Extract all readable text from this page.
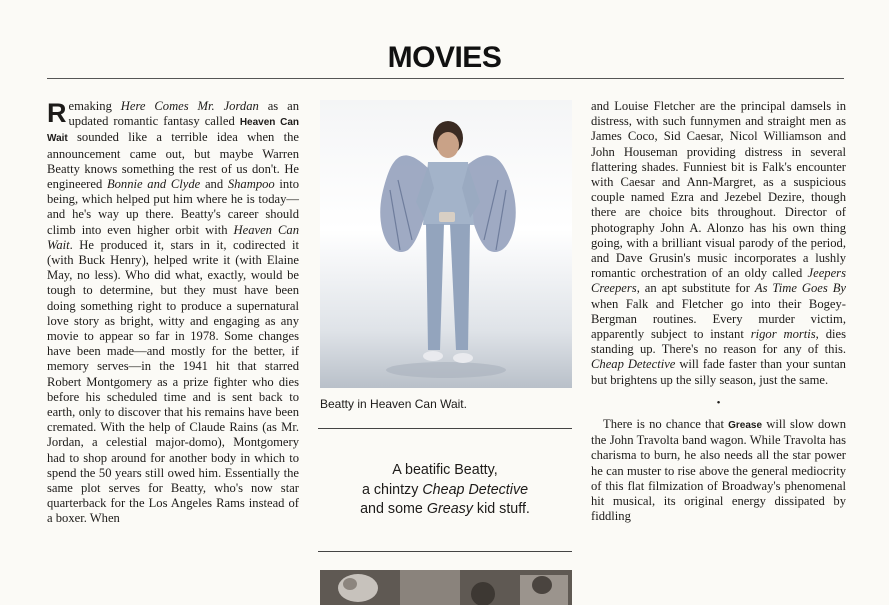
MOVIES

Remaking Here Comes Mr. Jordan as an updated romantic fantasy called Heaven Can Wait sounded like a terrible idea when the announcement came out, but maybe Warren Beatty knows something the rest of us don't. He engineered Bonnie and Clyde and Shampoo into being, which helped put him where he is today—and he's way up there. Beatty's career should climb into even higher orbit with Heaven Can Wait. He produced it, stars in it, codirected it (with Buck Henry), helped write it (with Elaine May, no less). Who did what, exactly, would be tough to determine, but they must have been doing something right to produce a supernatural love story as bright, witty and engaging as any movie to appear so far in 1978. Some changes have been made—and mostly for the better, if memory serves—in the 1941 hit that starred Robert Montgomery as a prize fighter who dies before his scheduled time and is sent back to earth, only to discover that his remains have been cremated. With the help of Claude Rains (as Mr. Jordan, a celestial major-domo), Montgomery had to shop around for another body in which to spend the 50 years still owed him. Essentially the same plot serves for Beatty, who's now star quarterback for the Los Angeles Rams instead of a boxer. When

Beatty in Heaven Can Wait.
A beatific Beatty,
a chintzy Cheap Detective
and some Greasy kid stuff.

and Louise Fletcher are the principal damsels in distress, with such funnymen and straight men as James Coco, Sid Caesar, Nicol Williamson and John Houseman providing distress in several flattering shades. Funniest bit is Falk's encounter with Caesar and Ann-Margret, as a suspicious couple named Ezra and Jezebel Dezire, though there are choice bits throughout. Director of photography John A. Alonzo has his own thing going, with a brilliant visual parody of the period, and Dave Grusin's music incorporates a lushly romantic orchestration of an oldy called Jeepers Creepers, an apt substitute for As Time Goes By when Falk and Fletcher go into their Bogey-Bergman routines. Every murder victim, apparently subject to instant rigor mortis, dies standing up. There's no reason for any of this. Cheap Detective will fade faster than your suntan but brightens up the silly season, just the same.

•

There is no chance that Grease will slow down the John Travolta band wagon. While Travolta has charisma to burn, he also needs all the star power he can muster to rise above the general mediocrity of this flat filmization of Broadway's phenomenal hit musical, its original energy dissipated by fiddling
